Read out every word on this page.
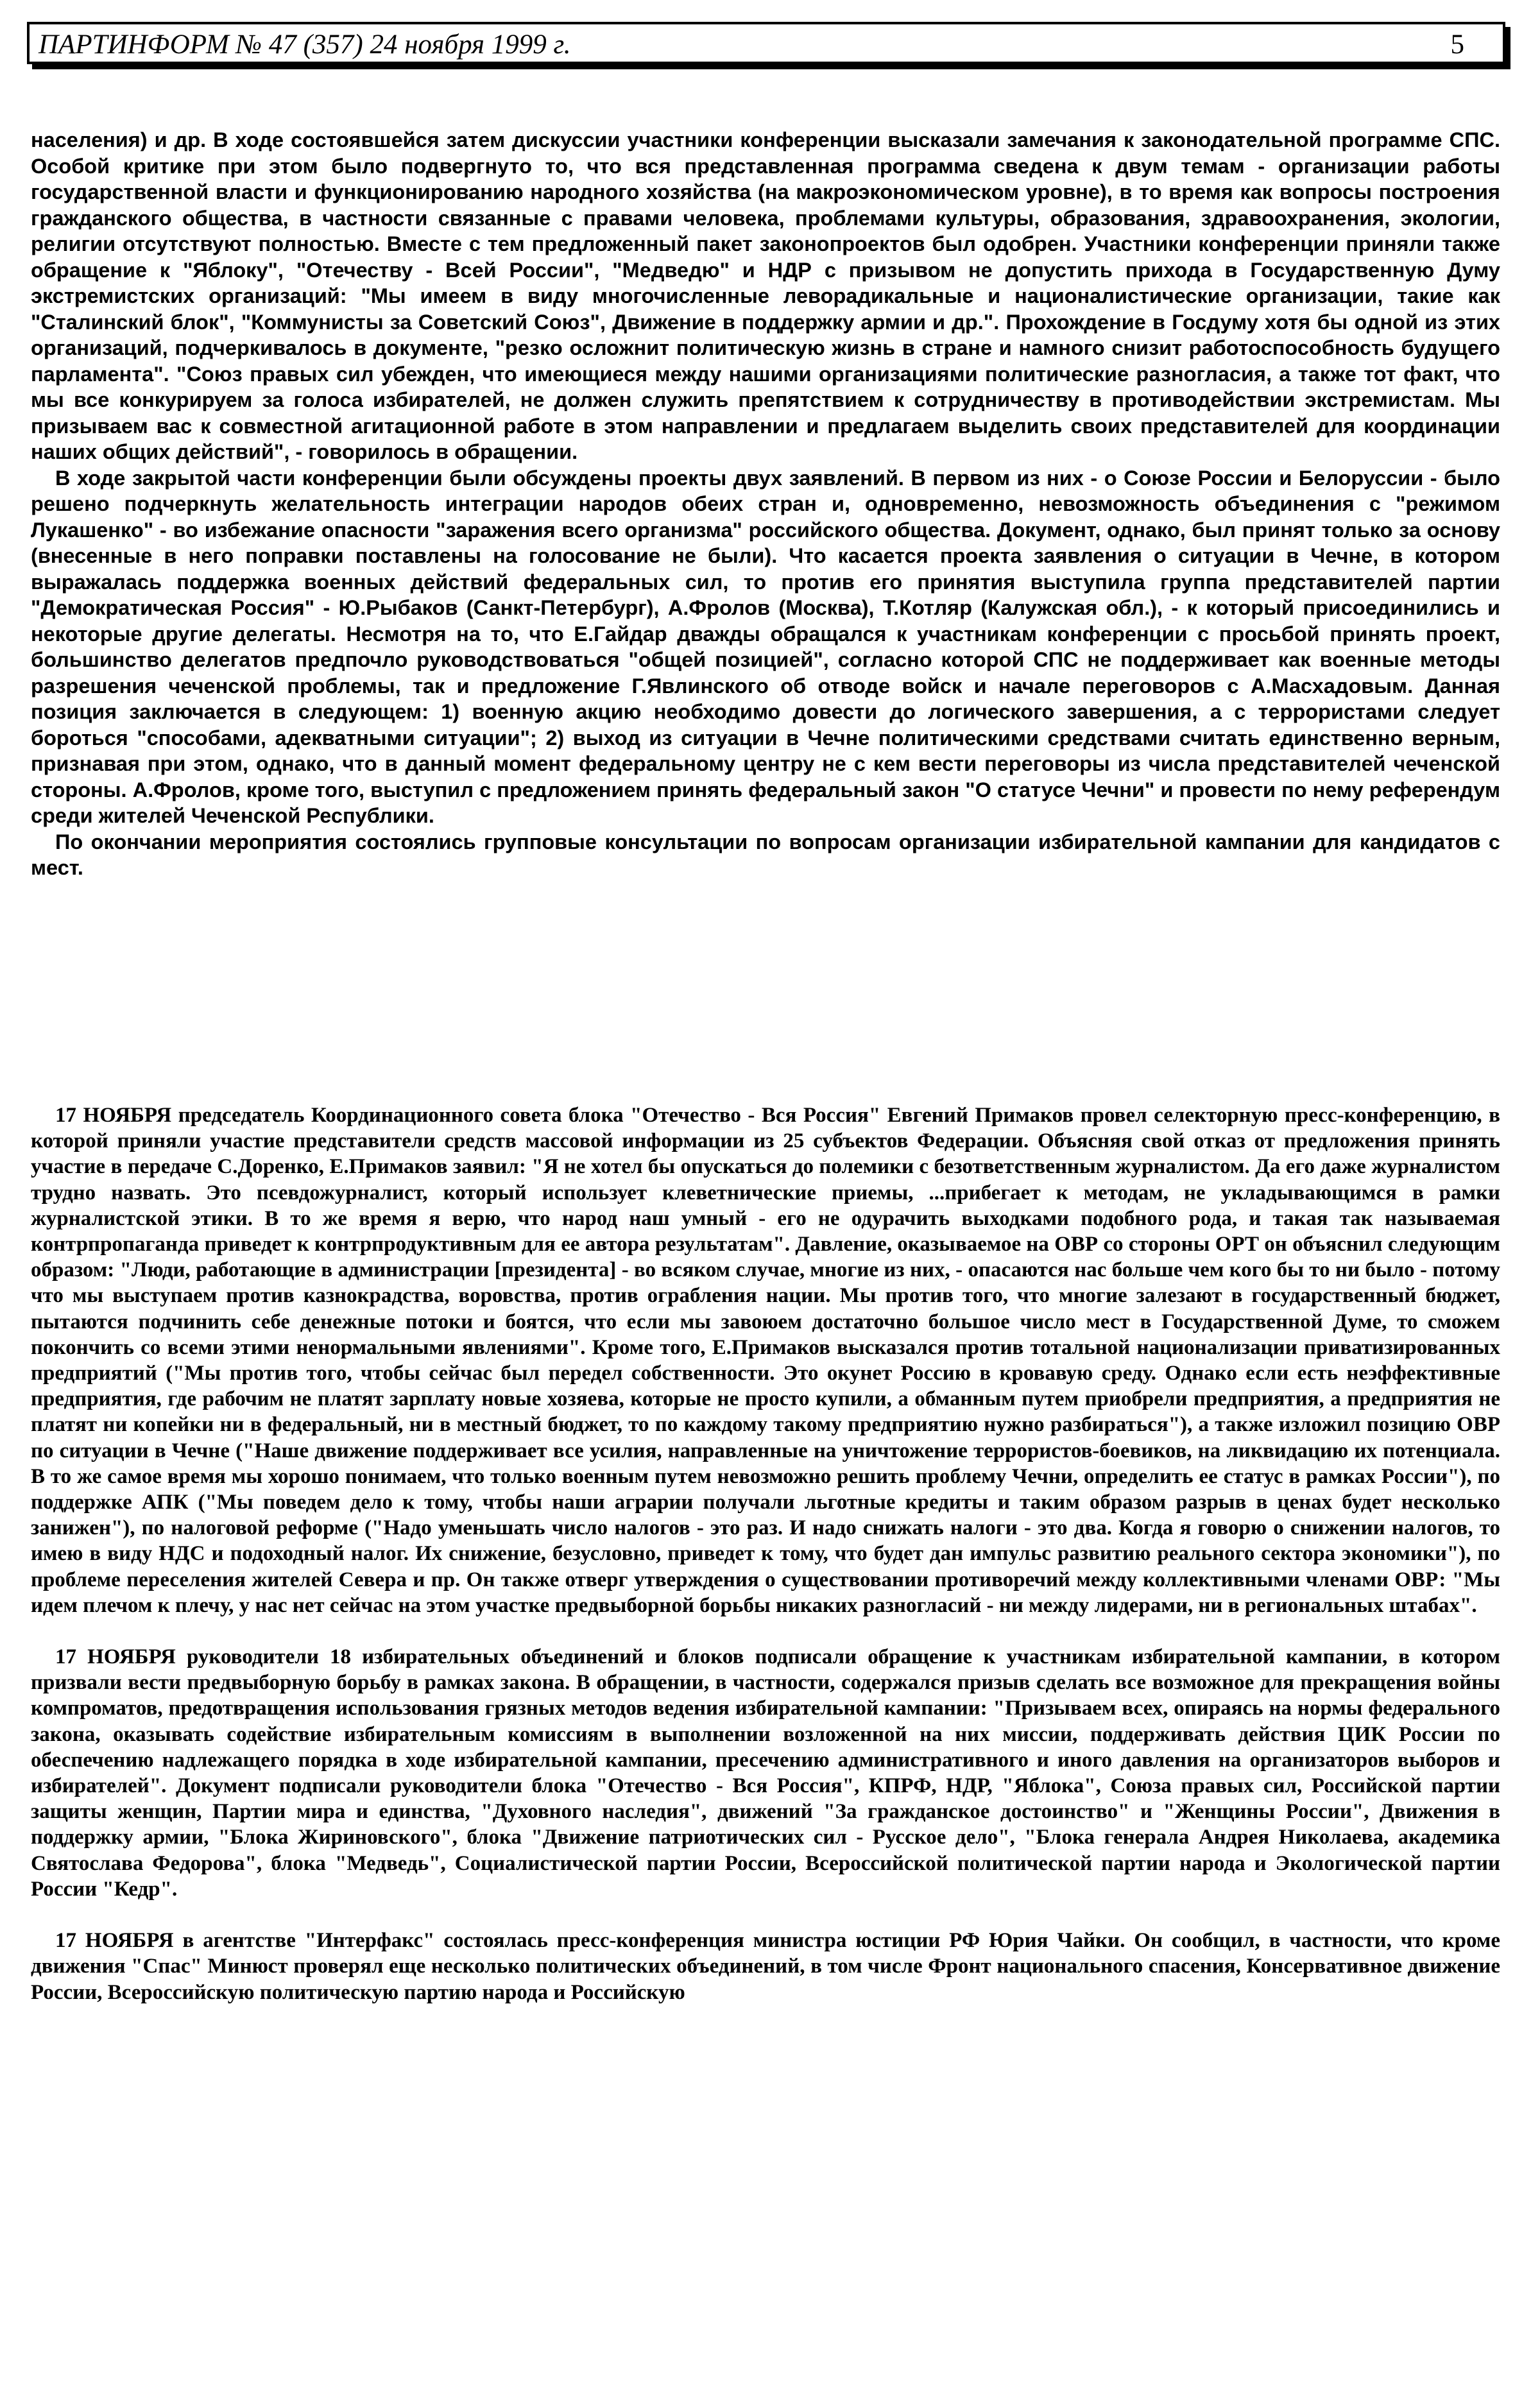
ПАРТИНФОРМ № 47 (357) 24 ноября 1999 г.	5

населения) и др. В ходе состоявшейся затем дискуссии участники конференции высказали замечания к законодательной программе СПС. Особой критике при этом было подвергнуто то, что вся представленная программа сведена к двум темам - организации работы государственной власти и функционированию народного хозяйства (на макроэкономическом уровне), в то время как вопросы построения гражданского общества, в частности связанные с правами человека, проблемами культуры, образования, здравоохранения, экологии, религии отсутствуют полностью. Вместе с тем предложенный пакет законопроектов был одобрен. Участники конференции приняли также обращение к "Яблоку", "Отечеству - Всей России", "Медведю" и НДР с призывом не допустить прихода в Государственную Думу экстремистских организаций: "Мы имеем в виду многочисленные леворадикальные и националистические организации, такие как "Сталинский блок", "Коммунисты за Советский Союз", Движение в поддержку армии и др.". Прохождение в Госдуму хотя бы одной из этих организаций, подчеркивалось в документе, "резко осложнит политическую жизнь в стране и намного снизит работоспособность будущего парламента". "Союз правых сил убежден, что имеющиеся между нашими организациями политические разногласия, а также тот факт, что мы все конкурируем за голоса избирателей, не должен служить препятствием к сотрудничеству в противодействии экстремистам. Мы призываем вас к совместной агитационной работе в этом направлении и предлагаем выделить своих представителей для координации наших общих действий", - говорилось в обращении.

В ходе закрытой части конференции были обсуждены проекты двух заявлений. В первом из них - о Союзе России и Белоруссии - было решено подчеркнуть желательность интеграции народов обеих стран и, одновременно, невозможность объединения с "режимом Лукашенко" - во избежание опасности "заражения всего организма" российского общества. Документ, однако, был принят только за основу (внесенные в него поправки поставлены на голосование не были). Что касается проекта заявления о ситуации в Чечне, в котором выражалась поддержка военных действий федеральных сил, то против его принятия выступила группа представителей партии "Демократическая Россия" - Ю.Рыбаков (Санкт-Петербург), А.Фролов (Москва), Т.Котляр (Калужская обл.), - к который присоединились и некоторые другие делегаты. Несмотря на то, что Е.Гайдар дважды обращался к участникам конференции с просьбой принять проект, большинство делегатов предпочло руководствоваться "общей позицией", согласно которой СПС не поддерживает как военные методы разрешения чеченской проблемы, так и предложение Г.Явлинского об отводе войск и начале переговоров с А.Масхадовым. Данная позиция заключается в следующем: 1) военную акцию необходимо довести до логического завершения, а с террористами следует бороться "способами, адекватными ситуации"; 2) выход из ситуации в Чечне политическими средствами считать единственно верным, признавая при этом, однако, что в данный момент федеральному центру не с кем вести переговоры из числа представителей чеченской стороны. А.Фролов, кроме того, выступил с предложением принять федеральный закон "О статусе Чечни" и провести по нему референдум среди жителей Чеченской Республики.

По окончании мероприятия состоялись групповые консультации по вопросам организации избирательной кампании для кандидатов с мест.

17 НОЯБРЯ председатель Координационного совета блока "Отечество - Вся Россия" Евгений Примаков провел селекторную пресс-конференцию, в которой приняли участие представители средств массовой информации из 25 субъектов Федерации. Объясняя свой отказ от предложения принять участие в передаче С.Доренко, Е.Примаков заявил: "Я не хотел бы опускаться до полемики с безответственным журналистом. Да его даже журналистом трудно назвать. Это псевдожурналист, который использует клеветнические приемы, ...прибегает к методам, не укладывающимся в рамки журналистской этики. В то же время я верю, что народ наш умный - его не одурачить выходками подобного рода, и такая так называемая контрпропаганда приведет к контрпродуктивным для ее автора результатам". Давление, оказываемое на ОВР со стороны ОРТ он объяснил следующим образом: "Люди, работающие в администрации [президента] - во всяком случае, многие из них, - опасаются нас больше чем кого бы то ни было - потому что мы выступаем против казнокрадства, воровства, против ограбления нации. Мы против того, что многие залезают в государственный бюджет, пытаются подчинить себе денежные потоки и боятся, что если мы завоюем достаточно большое число мест в Государственной Думе, то сможем покончить со всеми этими ненормальными явлениями". Кроме того, Е.Примаков высказался против тотальной национализации приватизированных предприятий ("Мы против того, чтобы сейчас был передел собственности. Это окунет Россию в кровавую среду. Однако если есть неэффективные предприятия, где рабочим не платят зарплату новые хозяева, которые не просто купили, а обманным путем приобрели предприятия, а предприятия не платят ни копейки ни в федеральный, ни в местный бюджет, то по каждому такому предприятию нужно разбираться"), а также изложил позицию ОВР по ситуации в Чечне ("Наше движение поддерживает все усилия, направленные на уничтожение террористов-боевиков, на ликвидацию их потенциала. В то же самое время мы хорошо понимаем, что только военным путем невозможно решить проблему Чечни, определить ее статус в рамках России"), по поддержке АПК ("Мы поведем дело к тому, чтобы наши аграрии получали льготные кредиты и таким образом разрыв в ценах будет несколько занижен"), по налоговой реформе ("Надо уменьшать число налогов - это раз. И надо снижать налоги - это два. Когда я говорю о снижении налогов, то имею в виду НДС и подоходный налог. Их снижение, безусловно, приведет к тому, что будет дан импульс развитию реального сектора экономики"), по проблеме переселения жителей Севера и пр. Он также отверг утверждения о существовании противоречий между коллективными членами ОВР: "Мы идем плечом к плечу, у нас нет сейчас на этом участке предвыборной борьбы никаких разногласий - ни между лидерами, ни в региональных штабах".

17 НОЯБРЯ руководители 18 избирательных объединений и блоков подписали обращение к участникам избирательной кампании, в котором призвали вести предвыборную борьбу в рамках закона. В обращении, в частности, содержался призыв сделать все возможное для прекращения войны компроматов, предотвращения использования грязных методов ведения избирательной кампании: "Призываем всех, опираясь на нормы федерального закона, оказывать содействие избирательным комиссиям в выполнении возложенной на них миссии, поддерживать действия ЦИК России по обеспечению надлежащего порядка в ходе избирательной кампании, пресечению административного и иного давления на организаторов выборов и избирателей". Документ подписали руководители блока "Отечество - Вся Россия", КПРФ, НДР, "Яблока", Союза правых сил, Российской партии защиты женщин, Партии мира и единства, "Духовного наследия", движений "За гражданское достоинство" и "Женщины России", Движения в поддержку армии, "Блока Жириновского", блока "Движение патриотических сил - Русское дело", "Блока генерала Андрея Николаева, академика Святослава Федорова", блока "Медведь", Социалистической партии России, Всероссийской политической партии народа и Экологической партии России "Кедр".

17 НОЯБРЯ в агентстве "Интерфакс" состоялась пресс-конференция министра юстиции РФ Юрия Чайки. Он сообщил, в частности, что кроме движения "Спас" Минюст проверял еще несколько политических объединений, в том числе Фронт национального спасения, Консервативное движение России, Всероссийскую политическую партию народа и Российскую
